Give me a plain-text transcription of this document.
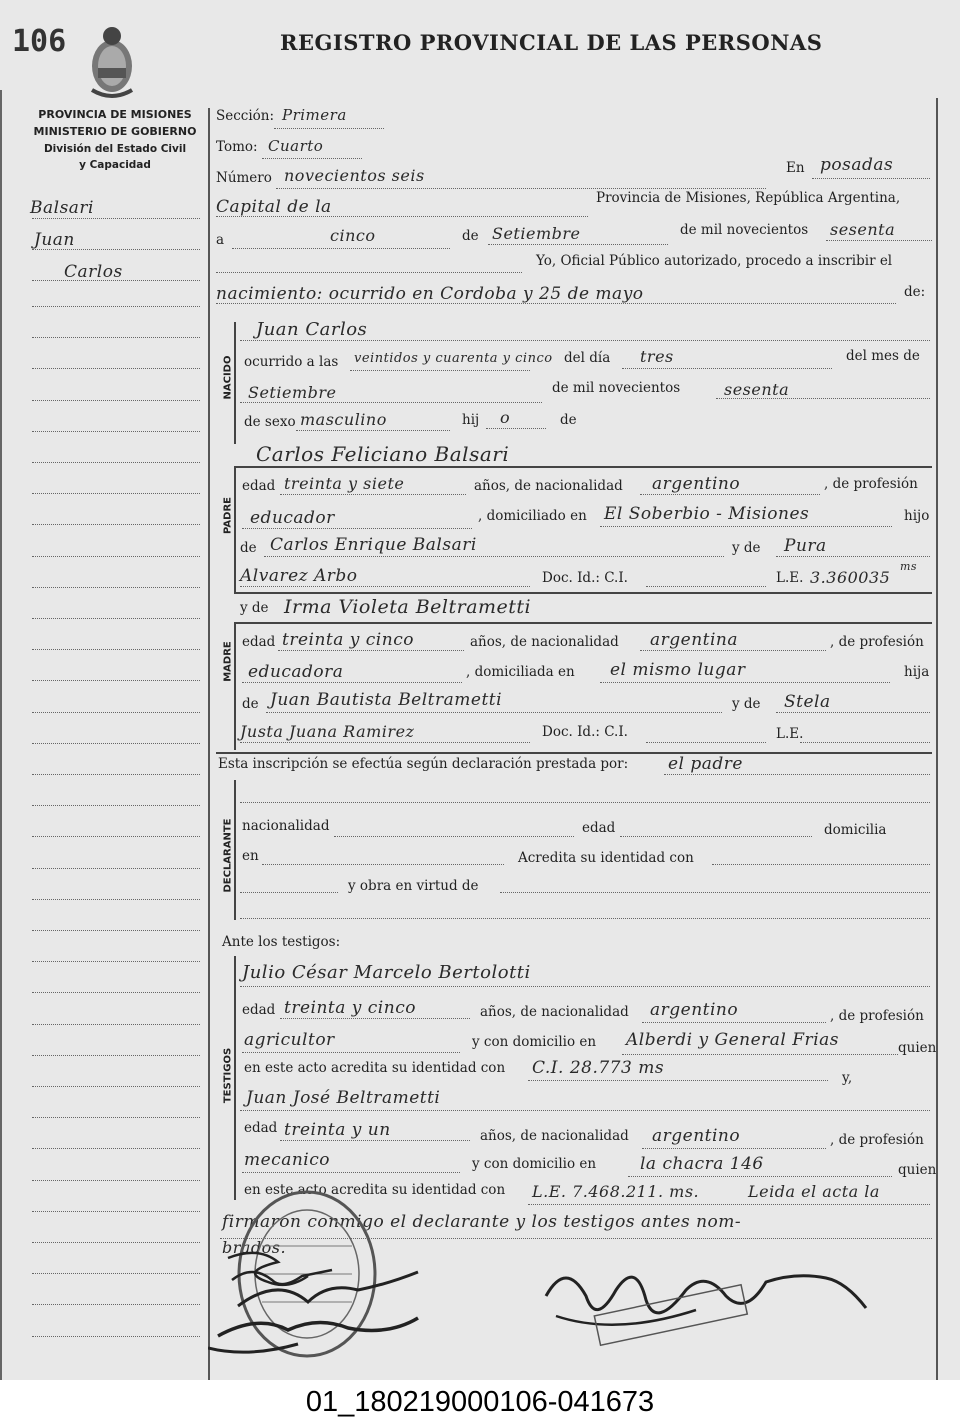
106	REGISTRO PROVINCIAL DE LAS PERSONAS
PROVINCIA DE MISIONES
MINISTERIO DE GOBIERNO
División del Estado Civil
y Capacidad
Balsari
Juan
Carlos
Sección: Primera
Tomo: Cuarto
Número novecientos seis	En posadas
Capital de la	Provincia de Misiones, República Argentina,
a	cinco	de Setiembre	de mil novecientos sesenta
Yo, Oficial Público autorizado, procedo a inscribir el
nacimiento: ocurrido en Cordoba y 25 de mayo	de:
NACIDO
Juan Carlos
ocurrido a las veintidos y cuarenta y cinco del día tres	del mes de
Setiembre	de mil novecientos	sesenta
de sexo masculino	hij o	de
Carlos Feliciano Balsari
PADRE
edad treinta y siete	años, de nacionalidad argentino	, de profesión
educador	, domiciliado en El Soberbio - Misiones	hijo
de Carlos Enrique Balsari	y de Pura
Alvarez Arbo	Doc. Id.: C.I.	L.E. 3.360035
ms
y de Irma Violeta Beltrametti
MADRE edad treinta y cinco	años, de nacionalidad argentina	, de profesión
educadora	, domiciliada en el mismo lugar	hija
de Juan Bautista Beltrametti	y de Stela
Justa Juana Ramirez	Doc. Id.: C.I.	L.E.
Esta inscripción se efectúa según declaración prestada por: el padre
DECLARANTE nacionalidad	edad	domicilia
en	Acredita su identidad con
y obra en virtud de
Ante los testigos:
TESTIGOS
Julio César Marcelo Bertolotti
edad treinta y cinco	años, de nacionalidad argentino	, de profesión
agricultor	y con domicilio en Alberdi y General Frias	quien
en este acto acredita su identidad con C.I. 28.773 ms	y,
Juan José Beltrametti
edad treinta y un	años, de nacionalidad argentino	, de profesión
mecanico	y con domicilio en	la chacra 146	quien
en este acto acredita su identidad con L.E. 7.468.211. ms.	Leida el acta la
firmaron conmigo el declarante y los testigos antes nom-
brados.
01_180219000106-041673
